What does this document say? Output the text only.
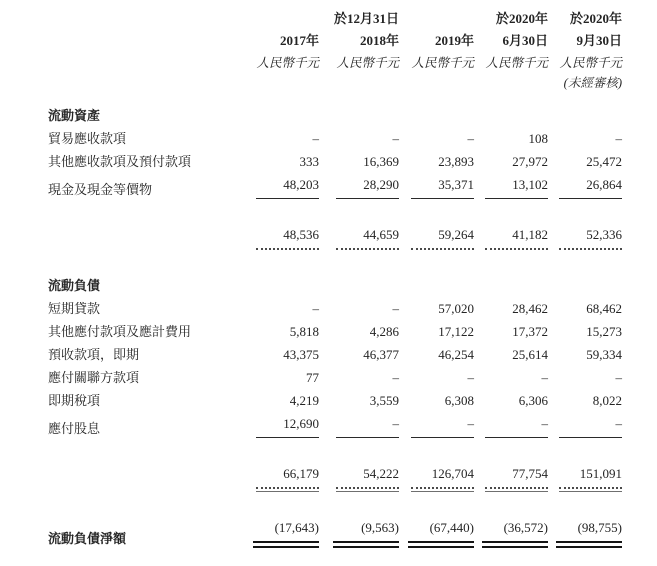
		於12月31日		於2020年	於2020年
	2017年	2018年	2019年	6月30日	9月30日
	人民幣千元	人民幣千元	人民幣千元	人民幣千元	人民幣千元
					(未經審核)
流動資產	

貿易應收款項	–	–	–	108	–

其他應收款項及預付款項	333	16,369	23,893	27,972	25,472

現金及現金等價物	48,203	28,290	35,371	13,102	26,864

	48,536	44,659	59,264	41,182	52,336

流動負債	

短期貸款	–	–	57,020	28,462	68,462

其他應付款項及應計費用	5,818	4,286	17,122	17,372	15,273

預收款項，即期	43,375	46,377	46,254	25,614	59,334

應付關聯方款項	77	–	–	–	–

即期稅項	4,219	3,559	6,308	6,306	8,022

應付股息	12,690	–	–	–	–

	66,179	54,222	126,704	77,754	151,091

流動負債淨額	(17,643)	(9,563)	(67,440)	(36,572)	(98,755)
